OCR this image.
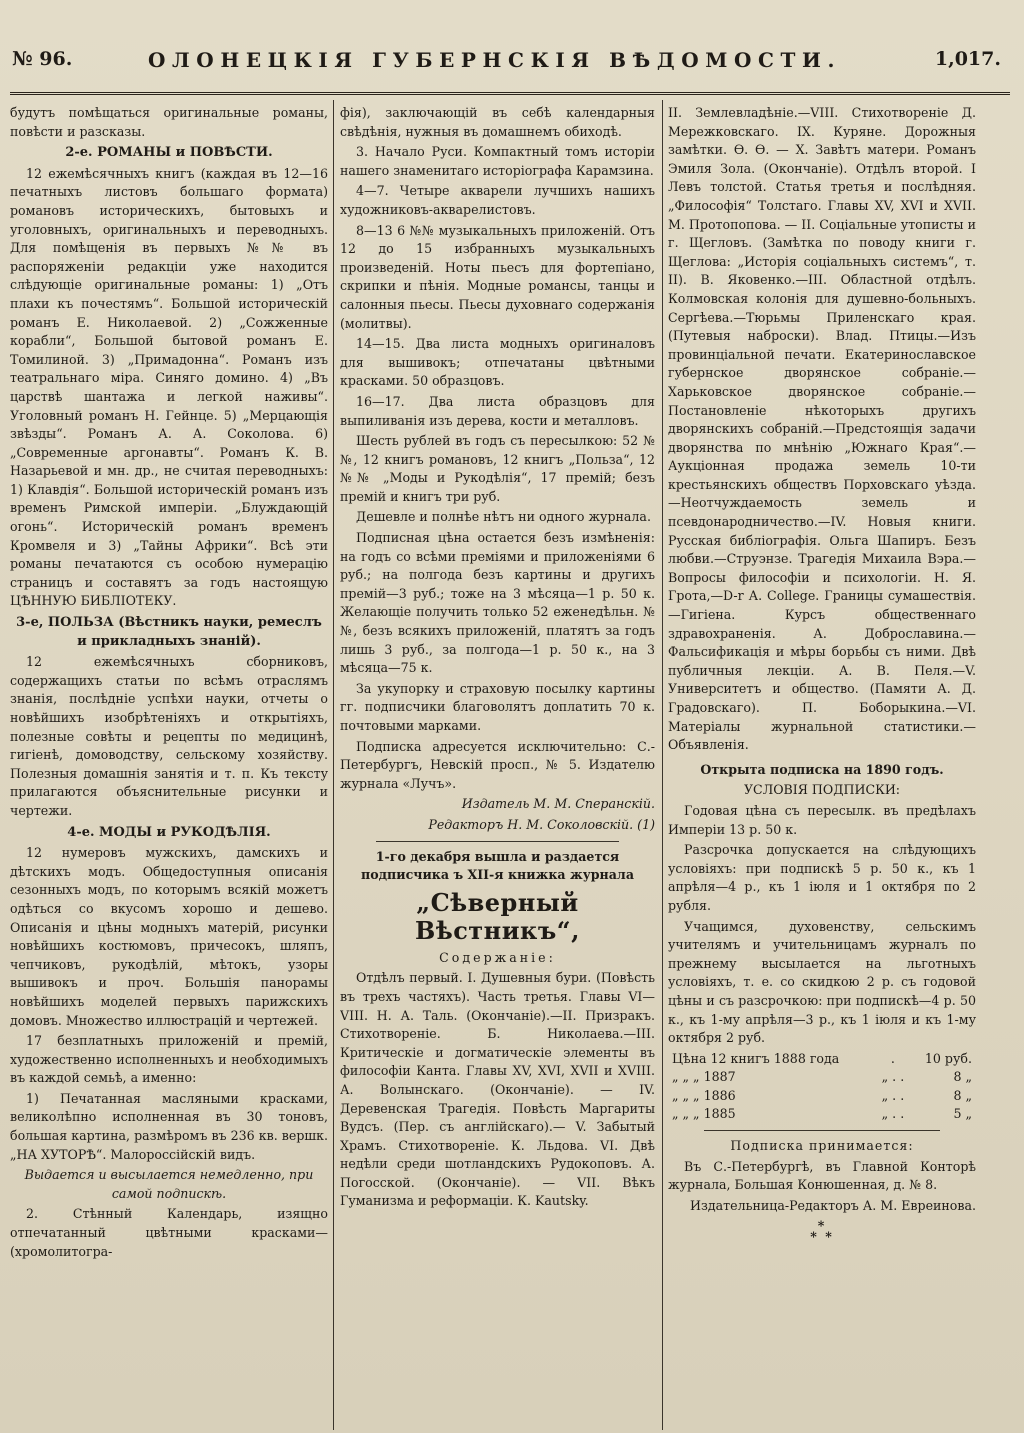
№ 96.	ОЛОНЕЦКІЯ ГУБЕРНСКІЯ ВѢДОМОСТИ.	1,017.

будутъ помѣщаться оригинальные романы, повѣсти и разсказы.

2-е. РОМАНЫ и ПОВѢСТИ.

12 ежемѣсячныхъ книгъ (каждая въ 12—16 печатныхъ листовъ большаго формата) романовъ историческихъ, бытовыхъ и уголовныхъ, оригинальныхъ и переводныхъ. Для помѣщенія въ первыхъ №№ въ распоряженіи редакціи уже находится слѣдующіе оригинальные романы: 1) „Отъ плахи къ почестямъ“. Большой историческій романъ Е. Николаевой. 2) „Сожженные корабли“, Большой бытовой романъ Е. Томилиной. 3) „Примадонна“. Романъ изъ театральнаго міра. Синяго домино. 4) „Въ царствѣ шантажа и легкой наживы“. Уголовный романъ Н. Гейнце. 5) „Мерцающія звѣзды“. Романъ А. А. Соколова. 6) „Современные аргонавты“. Романъ К. В. Назарьевой и мн. др., не считая переводныхъ: 1) Клавдія“. Большой историческій романъ изъ временъ Римской имперіи. „Блуждающій огонь“. Историческій романъ временъ Кромвеля и 3) „Тайны Африки“. Всѣ эти романы печатаются съ особою нумерацію страницъ и составятъ за годъ настоящую ЦѢННУЮ БИБЛІОТЕКУ.

3-е, ПОЛЬЗА (Вѣстникъ науки, ремеслъ и прикладныхъ знаній).

12 ежемѣсячныхъ сборниковъ, содержащихъ статьи по всѣмъ отраслямъ знанія, послѣдніе успѣхи науки, отчеты о новѣйшихъ изобрѣтеніяхъ и открытіяхъ, полезные совѣты и рецепты по медицинѣ, гигіенѣ, домоводству, сельскому хозяйству. Полезныя домашнія занятія и т. п. Къ тексту прилагаются объяснительные рисунки и чертежи.

4-е. МОДЫ и РУКОДѢЛІЯ.

12 нумеровъ мужскихъ, дамскихъ и дѣтскихъ модъ. Общедоступныя описанія сезонныхъ модъ, по которымъ всякій можетъ одѣться со вкусомъ хорошо и дешево. Описанія и цѣны модныхъ матерій, рисунки новѣйшихъ костюмовъ, причесокъ, шляпъ, чепчиковъ, рукодѣлій, мѣтокъ, узоры вышивокъ и проч. Большія панорамы новѣйшихъ моделей первыхъ парижскихъ домовъ. Множество иллюстрацій и чертежей.

17 безплатныхъ приложеній и премій, художественно исполненныхъ и необходимыхъ въ каждой семьѣ, а именно:

1) Печатанная масляными красками, великолѣпно исполненная въ 30 тоновъ, большая картина, размѣромъ въ 236 кв. вершк. „НА ХУТОРѢ“. Малороссійскій видъ.

Выдается и высылается немедленно, при самой подпискѣ.

2. Стѣнный Календарь, изящно отпечатанный цвѣтными красками—(хромолитогра-

фія), заключающій въ себѣ календарныя свѣдѣнія, нужныя въ домашнемъ обиходѣ.

3. Начало Руси. Компактный томъ исторіи нашего знаменитаго исторіографа Карамзина.

4—7. Четыре акварели лучшихъ нашихъ художниковъ-акварелистовъ.

8—13 6 №№ музыкальныхъ приложеній. Отъ 12 до 15 избранныхъ музыкальныхъ произведеній. Ноты пьесъ для фортепіано, скрипки и пѣнія. Модные романсы, танцы и салонныя пьесы. Пьесы духовнаго содержанія (молитвы).

14—15. Два листа модныхъ оригиналовъ для вышивокъ; отпечатаны цвѣтными красками. 50 образцовъ.

16—17. Два листа образцовъ для выпиливанія изъ дерева, кости и металловъ.

Шесть рублей въ годъ съ пересылкою: 52 №№, 12 книгъ романовъ, 12 книгъ „Польза“, 12 №№ „Моды и Рукодѣлія“, 17 премій; безъ премій и книгъ три руб.

Дешевле и полнѣе нѣтъ ни одного журнала.

Подписная цѣна остается безъ измѣненія: на годъ со всѣми преміями и приложеніями 6 руб.; на полгода безъ картины и другихъ премій—3 руб.; тоже на 3 мѣсяца—1 р. 50 к. Желающіе получить только 52 еженедѣльн. №№, безъ всякихъ приложеній, платятъ за годъ лишь 3 руб., за полгода—1 р. 50 к., на 3 мѣсяца—75 к.

За укупорку и страховую посылку картины гг. подписчики благоволятъ доплатить 70 к. почтовыми марками.

Подписка адресуется исключительно: С.-Петербургъ, Невскій просп., № 5. Издателю журнала «Лучъ».

Издатель М. М. Сперанскій.

Редакторъ Н. М. Соколовскій. (1)

1-го декабря вышла и раздается подписчика ъ XII-я книжка журнала

„Сѣверный Вѣстникъ“,

Содержаніе:

Отдѣлъ первый. I. Душевныя бури. (Повѣсть въ трехъ частяхъ). Часть третья. Главы VI—VIII. Н. А. Таль. (Окончаніе).—II. Призракъ. Стихотвореніе. Б. Николаева.—III. Критическіе и догматическіе элементы въ философіи Канта. Главы XV, XVI, XVII и XVIII. А. Волынскаго. (Окончаніе). — IV. Деревенская Трагедія. Повѣсть Маргариты Вудсъ. (Пер. съ англійскаго).— V. Забытый Храмъ. Стихотвореніе. К. Льдова. VI. Двѣ недѣли среди шотландскихъ Рудокоповъ. А. Погосской. (Окончаніе). — VII. Вѣкъ Гуманизма и реформаціи. К. Kautsky.

II. Землевладѣніе.—VIII. Стихотвореніе Д. Мережковскаго. IX. Куряне. Дорожныя замѣтки. Ѳ. Ѳ. — X. Завѣтъ матери. Романъ Эмиля Зола. (Окончаніе). Отдѣлъ второй. I Левъ толстой. Статья третья и послѣдняя. „Философія“ Толстаго. Главы XV, XVI и XVII. М. Протопопова. — II. Соціальные утописты и г. Щегловъ. (Замѣтка по поводу книги г. Щеглова: „Исторія соціальныхъ системъ“, т. II). В. Яковенко.—III. Областной отдѣлъ. Колмовская колонія для душевно-больныхъ. Сергѣева.—Тюрьмы Приленскаго края. (Путевыя наброски). Влад. Птицы.—Изъ провинціальной печати. Екатеринославское губернское дворянское собраніе.—Харьковское дворянское собраніе.—Постановленіе нѣкоторыхъ другихъ дворянскихъ собраній.—Предстоящія задачи дворянства по мнѣнію „Южнаго Края“.—Аукціонная продажа земель 10-ти крестьянскихъ обществъ Порховскаго уѣзда.—Неотчуждаемость земель и псевдонародничество.—IV. Новыя книги. Русская библіографія. Ольга Шапиръ. Безъ любви.—Струэнзе. Трагедія Михаила Вэра.—Вопросы философіи и психологіи. Н. Я. Грота,—D-r А. College. Границы сумашествія.—Гигіена. Курсъ общественнаго здравохраненія. А. Доброславина.—Фальсификація и мѣры борьбы съ ними. Двѣ публичныя лекціи. А. В. Пеля.—V. Университетъ и общество. (Памяти А. Д. Градовскаго). П. Боборыкина.—VI. Матеріалы журнальной статистики.—Объявленія.

Открыта подписка на 1890 годъ.

УСЛОВІЯ ПОДПИСКИ:

Годовая цѣна съ пересылк. въ предѣлахъ Имперіи 13 р. 50 к.

Разсрочка допускается на слѣдующихъ условіяхъ: при подпискѣ 5 р. 50 к., къ 1 апрѣля—4 р., къ 1 іюля и 1 октября по 2 рубля.

Учащимся, духовенству, сельскимъ учителямъ и учительницамъ журналъ по прежнему высылается на льготныхъ условіяхъ, т. е. со скидкою 2 р. съ годовой цѣны и съ разсрочкою: при подпискѣ—4 р. 50 к., къ 1-му апрѣля—3 р., къ 1 іюля и къ 1-му октября 2 руб.

Цѣна 12 книгъ 1888 года	.	10 руб.
„ „ „ 1887	„ . .	8 „
„ „ „ 1886	„ . .	8 „
„ „ „ 1885	„ . .	5 „

Подписка принимается:

Въ С.-Петербургѣ, въ Главной Конторѣ журнала, Большая Конюшенная, д. № 8.

Издательница-Редакторъ А. М. Евреинова.

*
* *
